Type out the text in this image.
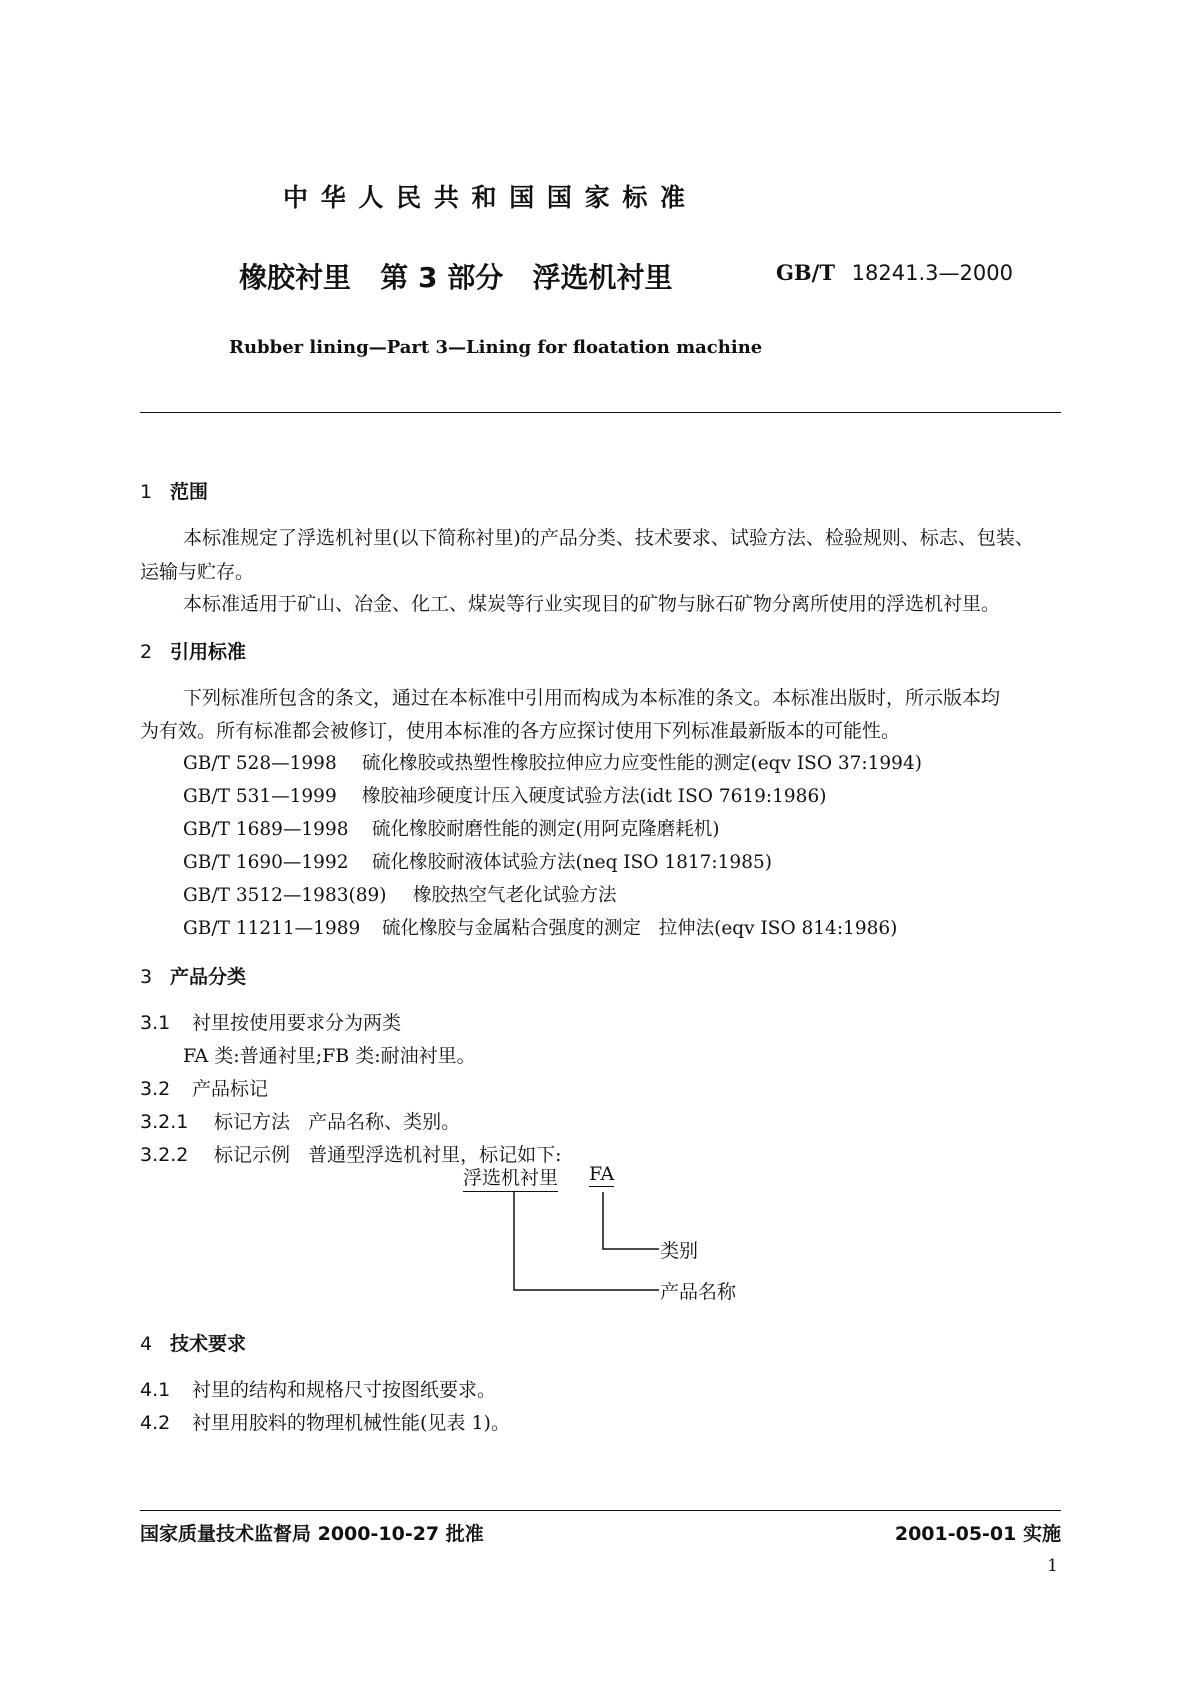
中 华 人 民 共 和 国 国 家 标 准
橡胶衬里   第 3 部分   浮选机衬里	GB/T 18241.3—2000
Rubber lining—Part 3—Lining for floatation machine
1 范围
本标准规定了浮选机衬里(以下简称衬里)的产品分类、技术要求、试验方法、检验规则、标志、包装、
运输与贮存。
本标准适用于矿山、冶金、化工、煤炭等行业实现目的矿物与脉石矿物分离所使用的浮选机衬里。
2 引用标准
下列标准所包含的条文，通过在本标准中引用而构成为本标准的条文。本标准出版时，所示版本均
为有效。所有标准都会被修订，使用本标准的各方应探讨使用下列标准最新版本的可能性。
GB/T 528—1998 硫化橡胶或热塑性橡胶拉伸应力应变性能的测定(eqv ISO 37:1994)
GB/T 531—1999 橡胶袖珍硬度计压入硬度试验方法(idt ISO 7619:1986)
GB/T 1689—1998 硫化橡胶耐磨性能的测定(用阿克隆磨耗机)
GB/T 1690—1992 硫化橡胶耐液体试验方法(neq ISO 1817:1985)
GB/T 3512—1983(89) 橡胶热空气老化试验方法
GB/T 11211—1989 硫化橡胶与金属粘合强度的测定   拉伸法(eqv ISO 814:1986)
3 产品分类
3.1 衬里按使用要求分为两类
FA 类:普通衬里;FB 类:耐油衬里。
3.2 产品标记
3.2.1 标记方法   产品名称、类别。
3.2.2 标记示例   普通型浮选机衬里，标记如下:
浮选机衬里 FA
类别
产品名称
4 技术要求
4.1 衬里的结构和规格尺寸按图纸要求。
4.2 衬里用胶料的物理机械性能(见表 1)。
国家质量技术监督局 2000-10-27 批准	2001-05-01 实施
1
